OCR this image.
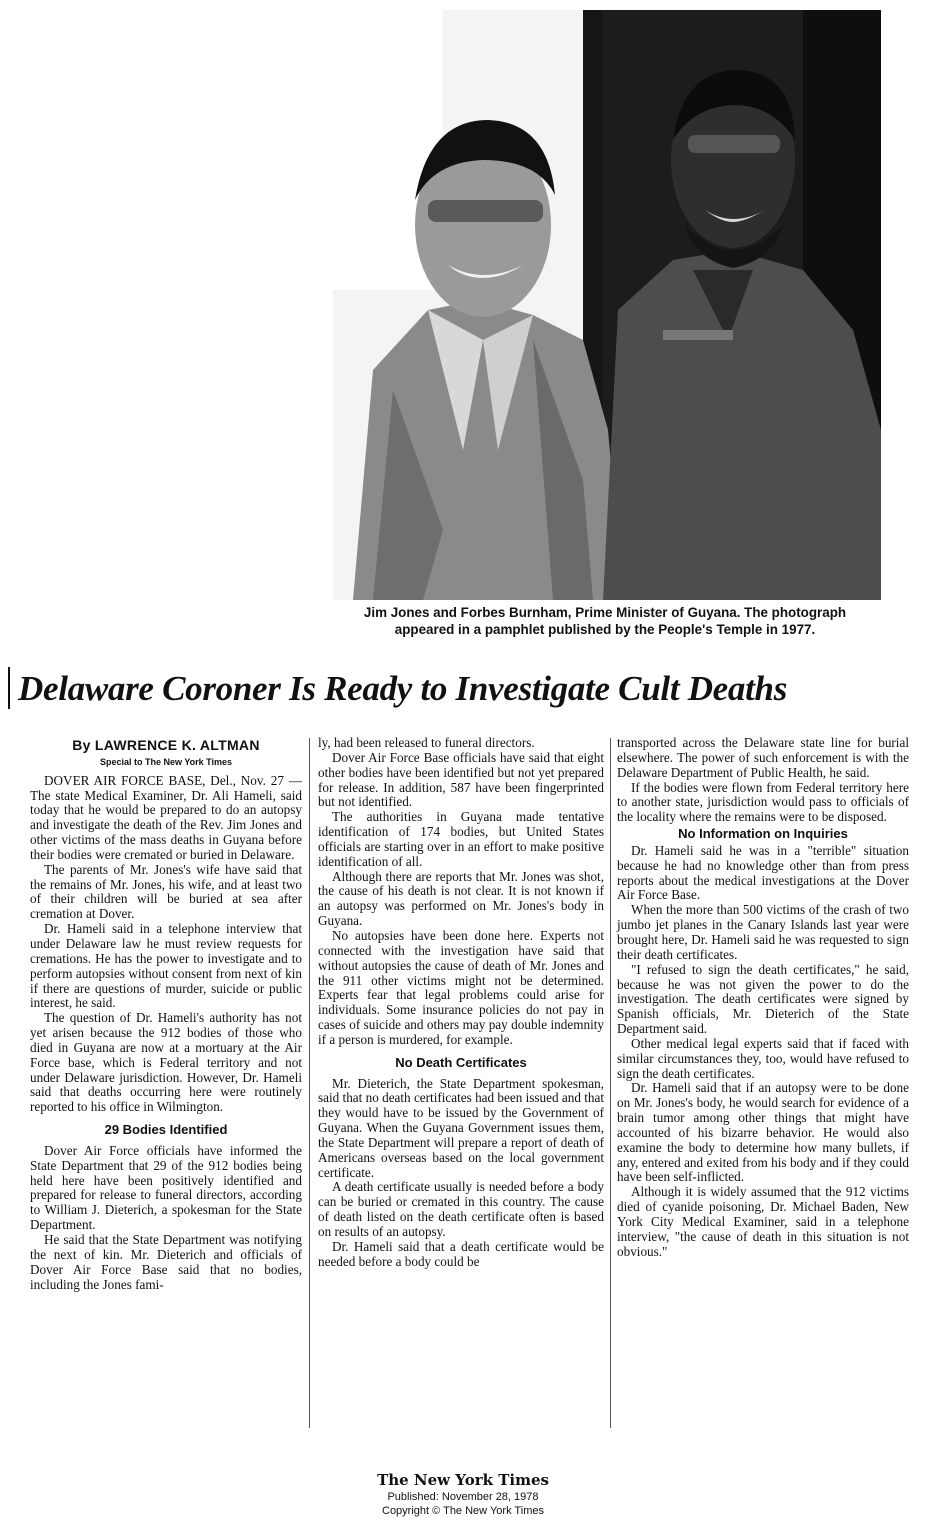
Jim Jones and Forbes Burnham, Prime Minister of Guyana. The photograph
appeared in a pamphlet published by the People's Temple in 1977.
Delaware Coroner Is Ready to Investigate Cult Deaths
By LAWRENCE K. ALTMAN
Special to The New York Times

DOVER AIR FORCE BASE, Del., Nov. 27 — The state Medical Examiner, Dr. Ali Hameli, said today that he would be prepared to do an autopsy and investigate the death of the Rev. Jim Jones and other victims of the mass deaths in Guyana before their bodies were cremated or buried in Delaware.

The parents of Mr. Jones's wife have said that the remains of Mr. Jones, his wife, and at least two of their children will be buried at sea after cremation at Dover.

Dr. Hameli said in a telephone interview that under Delaware law he must review requests for cremations. He has the power to investigate and to perform autopsies without consent from next of kin if there are questions of murder, suicide or public interest, he said.

The question of Dr. Hameli's authority has not yet arisen because the 912 bodies of those who died in Guyana are now at a mortuary at the Air Force base, which is Federal territory and not under Delaware jurisdiction. However, Dr. Hameli said that deaths occurring here were routinely reported to his office in Wilmington.

29 Bodies Identified

Dover Air Force officials have informed the State Department that 29 of the 912 bodies being held here have been positively identified and prepared for release to funeral directors, according to William J. Dieterich, a spokesman for the State Department.

He said that the State Department was notifying the next of kin. Mr. Dieterich and officials of Dover Air Force Base said that no bodies, including the Jones fami-

ly, had been released to funeral directors.

Dover Air Force Base officials have said that eight other bodies have been identified but not yet prepared for release. In addition, 587 have been fingerprinted but not identified.

The authorities in Guyana made tentative identification of 174 bodies, but United States officials are starting over in an effort to make positive identification of all.

Although there are reports that Mr. Jones was shot, the cause of his death is not clear. It is not known if an autopsy was performed on Mr. Jones's body in Guyana.

No autopsies have been done here. Experts not connected with the investigation have said that without autopsies the cause of death of Mr. Jones and the 911 other victims might not be determined. Experts fear that legal problems could arise for individuals. Some insurance policies do not pay in cases of suicide and others may pay double indemnity if a person is murdered, for example.

No Death Certificates

Mr. Dieterich, the State Department spokesman, said that no death certificates had been issued and that they would have to be issued by the Government of Guyana. When the Guyana Government issues them, the State Department will prepare a report of death of Americans overseas based on the local government certificate.

A death certificate usually is needed before a body can be buried or cremated in this country. The cause of death listed on the death certificate often is based on results of an autopsy.

Dr. Hameli said that a death certificate would be needed before a body could be

transported across the Delaware state line for burial elsewhere. The power of such enforcement is with the Delaware Department of Public Health, he said.

If the bodies were flown from Federal territory here to another state, jurisdiction would pass to officials of the locality where the remains were to be disposed.

No Information on Inquiries

Dr. Hameli said he was in a "terrible" situation because he had no knowledge other than from press reports about the medical investigations at the Dover Air Force Base.

When the more than 500 victims of the crash of two jumbo jet planes in the Canary Islands last year were brought here, Dr. Hameli said he was requested to sign their death certificates.

"I refused to sign the death certificates," he said, because he was not given the power to do the investigation. The death certificates were signed by Spanish officials, Mr. Dieterich of the State Department said.

Other medical legal experts said that if faced with similar circumstances they, too, would have refused to sign the death certificates.

Dr. Hameli said that if an autopsy were to be done on Mr. Jones's body, he would search for evidence of a brain tumor among other things that might have accounted of his bizarre behavior. He would also examine the body to determine how many bullets, if any, entered and exited from his body and if they could have been self-inflicted.

Although it is widely assumed that the 912 victims died of cyanide poisoning, Dr. Michael Baden, New York City Medical Examiner, said in a telephone interview, "the cause of death in this situation is not obvious."

The New York Times
Published: November 28, 1978
Copyright © The New York Times
